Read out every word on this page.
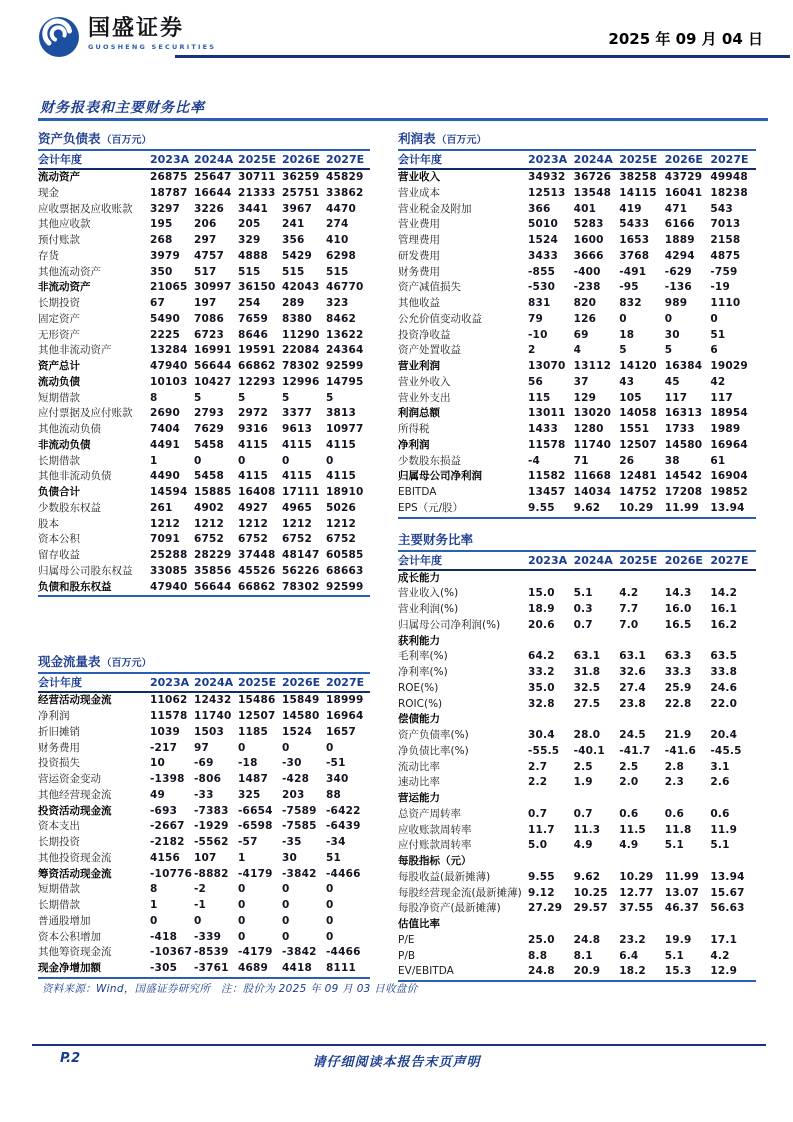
国盛证券
GUOSHENG SECURITIES	2025 年 09 月 04 日
财务报表和主要财务比率
资产负债表（百万元）
会计年度	2023A	2024A	2025E	2026E	2027E
流动资产	26875	25647	30711	36259	45829
现金	18787	16644	21333	25751	33862
应收票据及应收账款	3297	3226	3441	3967	4470
其他应收款	195	206	205	241	274
预付账款	268	297	329	356	410
存货	3979	4757	4888	5429	6298
其他流动资产	350	517	515	515	515
非流动资产	21065	30997	36150	42043	46770
长期投资	67	197	254	289	323
固定资产	5490	7086	7659	8380	8462
无形资产	2225	6723	8646	11290	13622
其他非流动资产	13284	16991	19591	22084	24364
资产总计	47940	56644	66862	78302	92599
流动负债	10103	10427	12293	12996	14795
短期借款	8	5	5	5	5
应付票据及应付账款	2690	2793	2972	3377	3813
其他流动负债	7404	7629	9316	9613	10977
非流动负债	4491	5458	4115	4115	4115
长期借款	1	0	0	0	0
其他非流动负债	4490	5458	4115	4115	4115
负债合计	14594	15885	16408	17111	18910
少数股东权益	261	4902	4927	4965	5026
股本	1212	1212	1212	1212	1212
资本公积	7091	6752	6752	6752	6752
留存收益	25288	28229	37448	48147	60585
归属母公司股东权益	33085	35856	45526	56226	68663
负债和股东权益	47940	56644	66862	78302	92599
现金流量表（百万元）
会计年度	2023A	2024A	2025E	2026E	2027E
经营活动现金流	11062	12432	15486	15849	18999
净利润	11578	11740	12507	14580	16964
折旧摊销	1039	1503	1185	1524	1657
财务费用	-217	97	0	0	0
投资损失	10	-69	-18	-30	-51
营运资金变动	-1398	-806	1487	-428	340
其他经营现金流	49	-33	325	203	88
投资活动现金流	-693	-7383	-6654	-7589	-6422
资本支出	-2667	-1929	-6598	-7585	-6439
长期投资	-2182	-5562	-57	-35	-34
其他投资现金流	4156	107	1	30	51
筹资活动现金流	-10776	-8882	-4179	-3842	-4466
短期借款	8	-2	0	0	0
长期借款	1	-1	0	0	0
普通股增加	0	0	0	0	0
资本公积增加	-418	-339	0	0	0
其他筹资现金流	-10367	-8539	-4179	-3842	-4466
现金净增加额	-305	-3761	4689	4418	8111
利润表（百万元）
会计年度	2023A	2024A	2025E	2026E	2027E
营业收入	34932	36726	38258	43729	49948
营业成本	12513	13548	14115	16041	18238
营业税金及附加	366	401	419	471	543
营业费用	5010	5283	5433	6166	7013
管理费用	1524	1600	1653	1889	2158
研发费用	3433	3666	3768	4294	4875
财务费用	-855	-400	-491	-629	-759
资产减值损失	-530	-238	-95	-136	-19
其他收益	831	820	832	989	1110
公允价值变动收益	79	126	0	0	0
投资净收益	-10	69	18	30	51
资产处置收益	2	4	5	5	6
营业利润	13070	13112	14120	16384	19029
营业外收入	56	37	43	45	42
营业外支出	115	129	105	117	117
利润总额	13011	13020	14058	16313	18954
所得税	1433	1280	1551	1733	1989
净利润	11578	11740	12507	14580	16964
少数股东损益	-4	71	26	38	61
归属母公司净利润	11582	11668	12481	14542	16904
EBITDA	13457	14034	14752	17208	19852
EPS（元/股）	9.55	9.62	10.29	11.99	13.94
主要财务比率
会计年度	2023A	2024A	2025E	2026E	2027E
成长能力					
营业收入(%)	15.0	5.1	4.2	14.3	14.2
营业利润(%)	18.9	0.3	7.7	16.0	16.1
归属母公司净利润(%)	20.6	0.7	7.0	16.5	16.2
获利能力					
毛利率(%)	64.2	63.1	63.1	63.3	63.5
净利率(%)	33.2	31.8	32.6	33.3	33.8
ROE(%)	35.0	32.5	27.4	25.9	24.6
ROIC(%)	32.8	27.5	23.8	22.8	22.0
偿债能力					
资产负债率(%)	30.4	28.0	24.5	21.9	20.4
净负债比率(%)	-55.5	-40.1	-41.7	-41.6	-45.5
流动比率	2.7	2.5	2.5	2.8	3.1
速动比率	2.2	1.9	2.0	2.3	2.6
营运能力					
总资产周转率	0.7	0.7	0.6	0.6	0.6
应收账款周转率	11.7	11.3	11.5	11.8	11.9
应付账款周转率	5.0	4.9	4.9	5.1	5.1
每股指标（元）					
每股收益(最新摊薄)	9.55	9.62	10.29	11.99	13.94
每股经营现金流(最新摊薄)	9.12	10.25	12.77	13.07	15.67
每股净资产(最新摊薄)	27.29	29.57	37.55	46.37	56.63
估值比率					
P/E	25.0	24.8	23.2	19.9	17.1
P/B	8.8	8.1	6.4	5.1	4.2
EV/EBITDA	24.8	20.9	18.2	15.3	12.9
资料来源：Wind，国盛证券研究所　注：股价为 2025 年 09 月 03 日收盘价
P.2	请仔细阅读本报告末页声明
